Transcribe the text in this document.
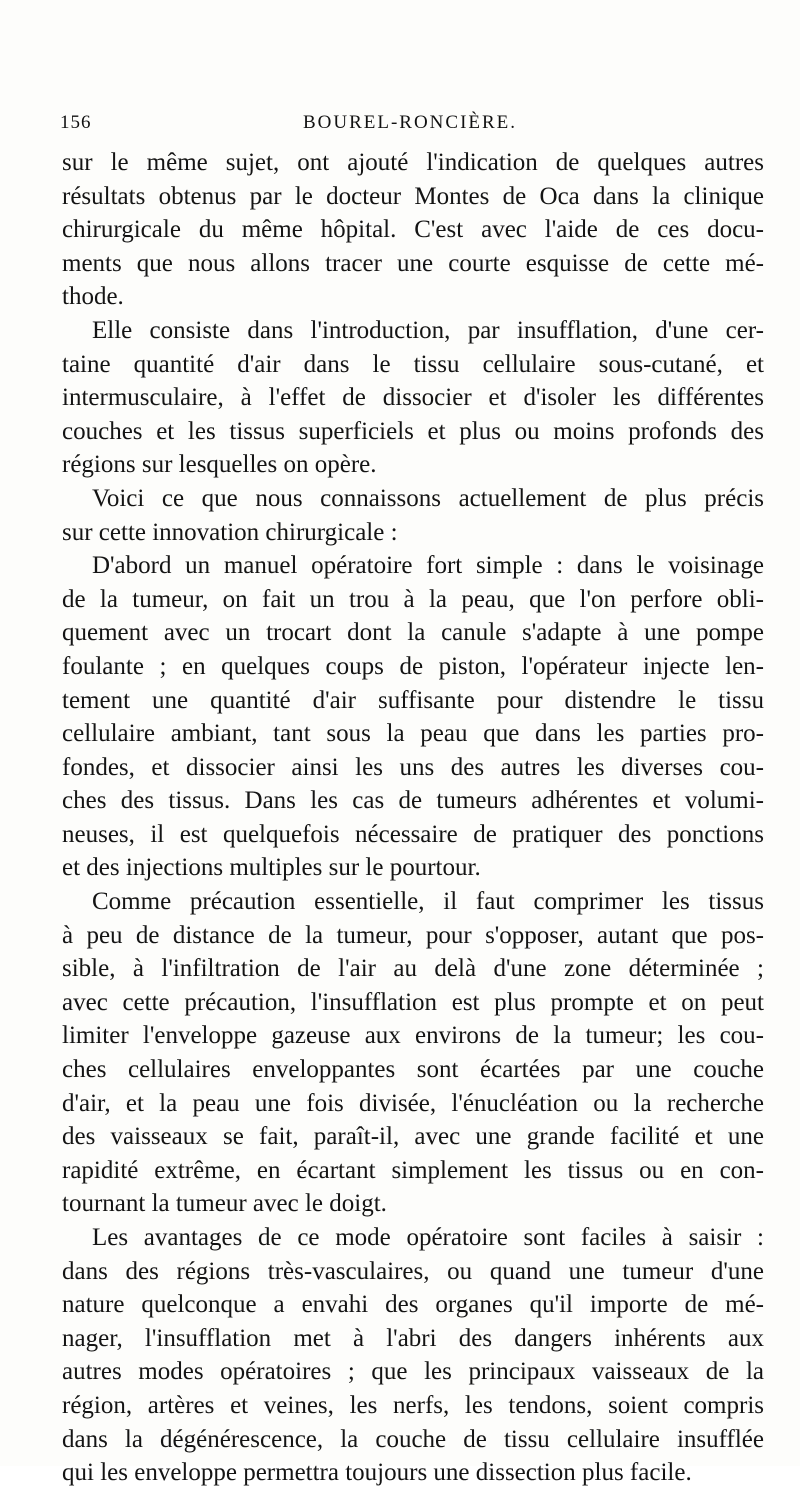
156	BOUREL-RONCIÈRE.
sur le même sujet, ont ajouté l'indication de quelques autres
résultats obtenus par le docteur Montes de Oca dans la clinique
chirurgicale du même hôpital. C'est avec l'aide de ces docu-
ments que nous allons tracer une courte esquisse de cette mé-
thode.
Elle consiste dans l'introduction, par insufflation, d'une cer-
taine quantité d'air dans le tissu cellulaire sous-cutané, et
intermusculaire, à l'effet de dissocier et d'isoler les différentes
couches et les tissus superficiels et plus ou moins profonds des
régions sur lesquelles on opère.
Voici ce que nous connaissons actuellement de plus précis
sur cette innovation chirurgicale :
D'abord un manuel opératoire fort simple : dans le voisinage
de la tumeur, on fait un trou à la peau, que l'on perfore obli-
quement avec un trocart dont la canule s'adapte à une pompe
foulante ; en quelques coups de piston, l'opérateur injecte len-
tement une quantité d'air suffisante pour distendre le tissu
cellulaire ambiant, tant sous la peau que dans les parties pro-
fondes, et dissocier ainsi les uns des autres les diverses cou-
ches des tissus. Dans les cas de tumeurs adhérentes et volumi-
neuses, il est quelquefois nécessaire de pratiquer des ponctions
et des injections multiples sur le pourtour.
Comme précaution essentielle, il faut comprimer les tissus
à peu de distance de la tumeur, pour s'opposer, autant que pos-
sible, à l'infiltration de l'air au delà d'une zone déterminée ;
avec cette précaution, l'insufflation est plus prompte et on peut
limiter l'enveloppe gazeuse aux environs de la tumeur; les cou-
ches cellulaires enveloppantes sont écartées par une couche
d'air, et la peau une fois divisée, l'énucléation ou la recherche
des vaisseaux se fait, paraît-il, avec une grande facilité et une
rapidité extrême, en écartant simplement les tissus ou en con-
tournant la tumeur avec le doigt.
Les avantages de ce mode opératoire sont faciles à saisir :
dans des régions très-vasculaires, ou quand une tumeur d'une
nature quelconque a envahi des organes qu'il importe de mé-
nager, l'insufflation met à l'abri des dangers inhérents aux
autres modes opératoires ; que les principaux vaisseaux de la
région, artères et veines, les nerfs, les tendons, soient compris
dans la dégénérescence, la couche de tissu cellulaire insufflée
qui les enveloppe permettra toujours une dissection plus facile.
